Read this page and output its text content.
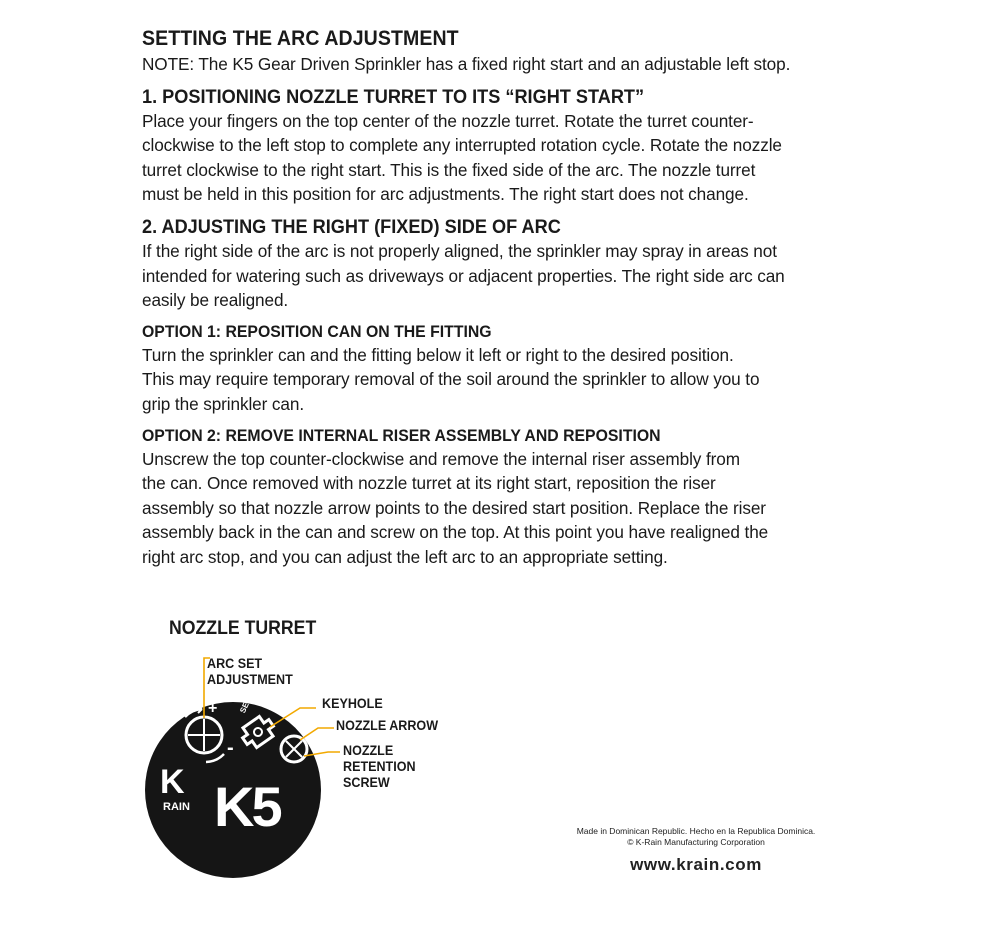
SETTING THE ARC ADJUSTMENT

NOTE: The K5 Gear Driven Sprinkler has a fixed right start and an adjustable left stop.

1. POSITIONING NOZZLE TURRET TO ITS “RIGHT START”

Place your fingers on the top center of the nozzle turret. Rotate the turret counter-

clockwise to the left stop to complete any interrupted rotation cycle. Rotate the nozzle

turret clockwise to the right start. This is the fixed side of the arc. The nozzle turret

must be held in this position for arc adjustments. The right start does not change.

2. ADJUSTING THE RIGHT (FIXED) SIDE OF ARC

If the right side of the arc is not properly aligned, the sprinkler may spray in areas not

intended for watering such as driveways or adjacent properties. The right side arc can

easily be realigned.

OPTION 1: REPOSITION CAN ON THE FITTING

Turn the sprinkler can and the fitting below it left or right to the desired position.

This may require temporary removal of the soil around the sprinkler to allow you to

grip the sprinkler can.

OPTION 2: REMOVE INTERNAL RISER ASSEMBLY AND REPOSITION

Unscrew the top counter-clockwise and remove the internal riser assembly from

the can. Once removed with nozzle turret at its right start, reposition the riser

assembly so that nozzle arrow points to the desired start position. Replace the riser

assembly back in the can and screw on the top. At this point you have realigned the

right arc stop, and you can adjust the left arc to an appropriate setting.

NOZZLE TURRET
+
-
SET
K
RAIN K5
ARC SET
ADJUSTMENT
KEYHOLE
NOZZLE ARROW
NOZZLE
RETENTION
SCREW
Made in Dominican Republic. Hecho en la Republica Dominica.
© K-Rain Manufacturing Corporation
www.krain.com
